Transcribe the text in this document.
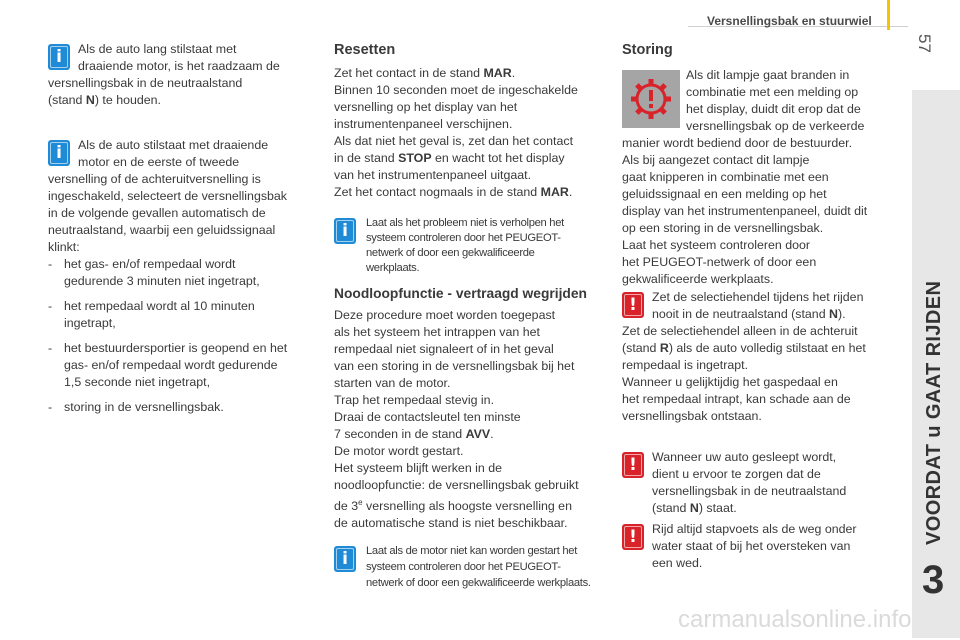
Versnellingsbak en stuurwiel
57
VOORDAT u GAAT RIJDEN
3
i	Als de auto lang stilstaat met
draaiende motor, is het raadzaam de
versnellingsbak in de neutraalstand
(stand N) te houden.
i	Als de auto stilstaat met draaiende
motor en de eerste of tweede
versnelling of de achteruitversnelling is
ingeschakeld, selecteert de versnellingsbak
in de volgende gevallen automatisch de
neutraalstand, waarbij een geluidssignaal
klinkt:
- het gas- en/of rempedaal wordt
gedurende 3 minuten niet ingetrapt,
- het rempedaal wordt al 10 minuten
ingetrapt,
- het bestuurdersportier is geopend en het
gas- en/of rempedaal wordt gedurende
1,5 seconde niet ingetrapt,
- storing in de versnellingsbak.
Resetten
Zet het contact in de stand MAR.
Binnen 10 seconden moet de ingeschakelde
versnelling op het display van het
instrumentenpaneel verschijnen.
Als dat niet het geval is, zet dan het contact
in de stand STOP en wacht tot het display
van het instrumentenpaneel uitgaat.
Zet het contact nogmaals in de stand MAR.
i	Laat als het probleem niet is verholpen het
systeem controleren door het PEUGEOT-
netwerk of door een gekwalificeerde
werkplaats.
Noodloopfunctie - vertraagd wegrijden
Deze procedure moet worden toegepast
als het systeem het intrappen van het
rempedaal niet signaleert of in het geval
van een storing in de versnellingsbak bij het
starten van de motor.
Trap het rempedaal stevig in.
Draai de contactsleutel ten minste
7 seconden in de stand AVV.
De motor wordt gestart.
Het systeem blijft werken in de
noodloopfunctie: de versnellingsbak gebruikt
de 3e versnelling als hoogste versnelling en
de automatische stand is niet beschikbaar.
i	Laat als de motor niet kan worden gestart het
systeem controleren door het PEUGEOT-
netwerk of door een gekwalificeerde werkplaats.
Storing
Als dit lampje gaat branden in
combinatie met een melding op
het display, duidt dit erop dat de
versnellingsbak op de verkeerde
manier wordt bediend door de bestuurder.
Als bij aangezet contact dit lampje
gaat knipperen in combinatie met een
geluidssignaal en een melding op het
display van het instrumentenpaneel, duidt dit
op een storing in de versnellingsbak.
Laat het systeem controleren door
het PEUGEOT-netwerk of door een
gekwalificeerde werkplaats.
!	Zet de selectiehendel tijdens het rijden
nooit in de neutraalstand (stand N).
Zet de selectiehendel alleen in de achteruit
(stand R) als de auto volledig stilstaat en het
rempedaal is ingetrapt.
Wanneer u gelijktijdig het gaspedaal en
het rempedaal intrapt, kan schade aan de
versnellingsbak ontstaan.
!	Wanneer uw auto gesleept wordt,
dient u ervoor te zorgen dat de
versnellingsbak in de neutraalstand
(stand N) staat.
!	Rijd altijd stapvoets als de weg onder
water staat of bij het oversteken van
een wed.
carmanualsonline.info
